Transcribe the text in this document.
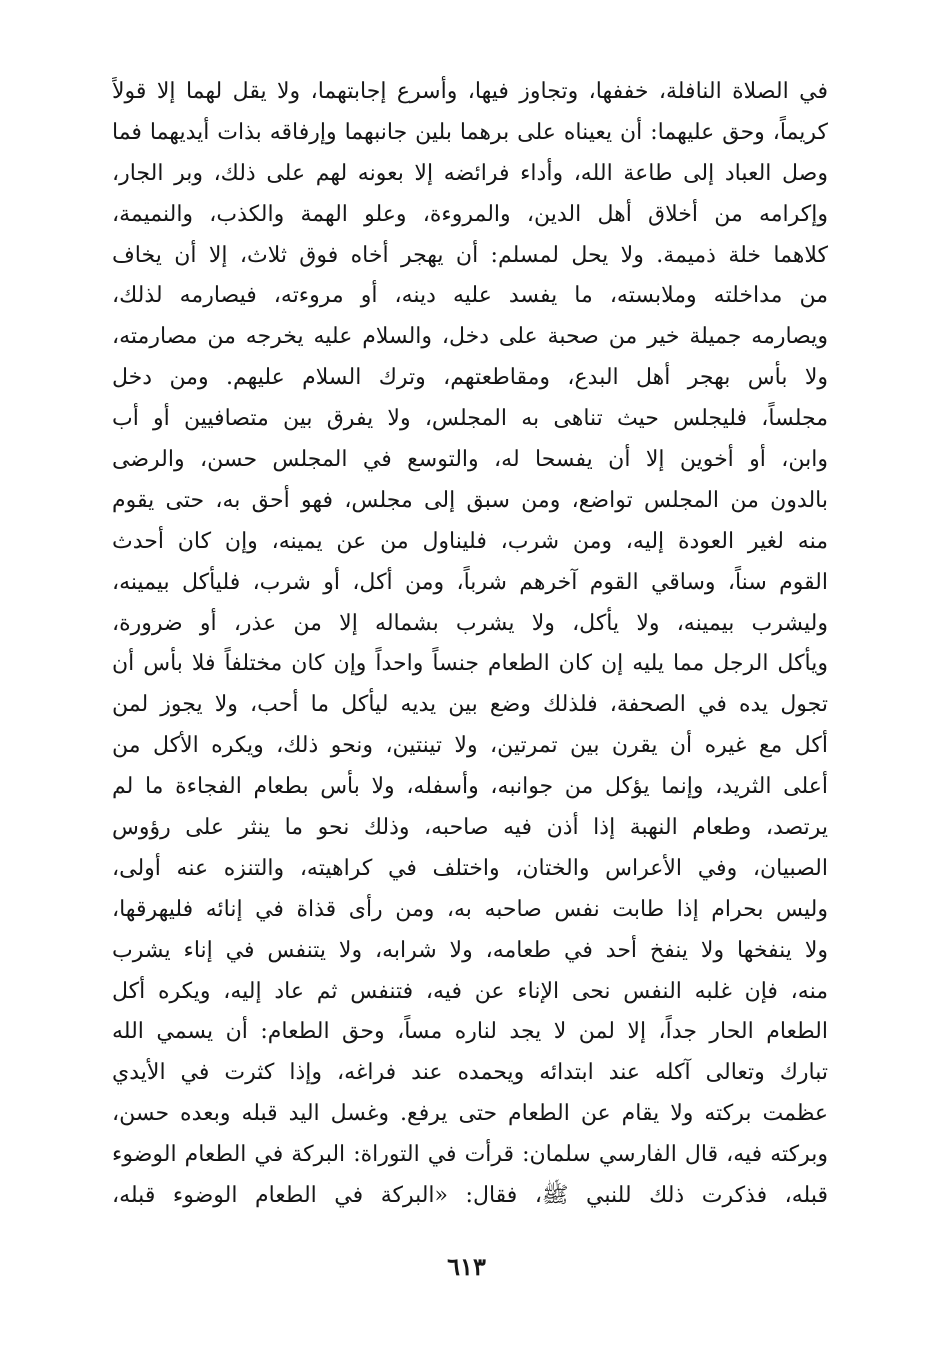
في الصلاة النافلة، خففها، وتجاوز فيها، وأسرع إجابتهما، ولا يقل لهما إلا قولاً
كريماً، وحق عليهما: أن يعيناه على برهما بلين جانبهما وإرفاقه بذات أيديهما فما
وصل العباد إلى طاعة الله، وأداء فرائضه إلا بعونه لهم على ذلك، وبر الجار،
وإكرامه من أخلاق أهل الدين، والمروءة، وعلو الهمة والكذب، والنميمة،
كلاهما خلة ذميمة. ولا يحل لمسلم: أن يهجر أخاه فوق ثلاث، إلا أن يخاف
من مداخلته وملابسته، ما يفسد عليه دينه، أو مروءته، فيصارمه لذلك،
ويصارمه جميلة خير من صحبة على دخل، والسلام عليه يخرجه من مصارمته،
ولا بأس بهجر أهل البدع، ومقاطعتهم، وترك السلام عليهم. ومن دخل
مجلساً، فليجلس حيث تناهى به المجلس، ولا يفرق بين متصافيين أو أب
وابن، أو أخوين إلا أن يفسحا له، والتوسع في المجلس حسن، والرضى
بالدون من المجلس تواضع، ومن سبق إلى مجلس، فهو أحق به، حتى يقوم
منه لغير العودة إليه، ومن شرب، فليناول من عن يمينه، وإن كان أحدث
القوم سناً، وساقي القوم آخرهم شرباً، ومن أكل، أو شرب، فليأكل بيمينه،
وليشرب بيمينه، ولا يأكل، ولا يشرب بشماله إلا من عذر، أو ضرورة،
ويأكل الرجل مما يليه إن كان الطعام جنساً واحداً وإن كان مختلفاً فلا بأس أن
تجول يده في الصحفة، فلذلك وضع بين يديه ليأكل ما أحب، ولا يجوز لمن
أكل مع غيره أن يقرن بين تمرتين، ولا تينتين، ونحو ذلك، ويكره الأكل من
أعلى الثريد، وإنما يؤكل من جوانبه، وأسفله، ولا بأس بطعام الفجاءة ما لم
يرتصد، وطعام النهبة إذا أذن فيه صاحبه، وذلك نحو ما ينثر على رؤوس
الصبيان، وفي الأعراس والختان، واختلف في كراهيته، والتنزه عنه أولى،
وليس بحرام إذا طابت نفس صاحبه به، ومن رأى قذاة في إنائه فليهرقها،
ولا ينفخها ولا ينفخ أحد في طعامه، ولا شرابه، ولا يتنفس في إناء يشرب
منه، فإن غلبه النفس نحى الإناء عن فيه، فتنفس ثم عاد إليه، ويكره أكل
الطعام الحار جداً، إلا لمن لا يجد لناره مساً، وحق الطعام: أن يسمي الله
تبارك وتعالى آكله عند ابتدائه ويحمده عند فراغه، وإذا كثرت في الأيدي
عظمت بركته ولا يقام عن الطعام حتى يرفع. وغسل اليد قبله وبعده حسن،
وبركته فيه، قال الفارسي سلمان: قرأت في التوراة: البركة في الطعام الوضوء
قبله، فذكرت ذلك للنبي ﷺ، فقال: «البركة في الطعام الوضوء قبله،
٦١٣
